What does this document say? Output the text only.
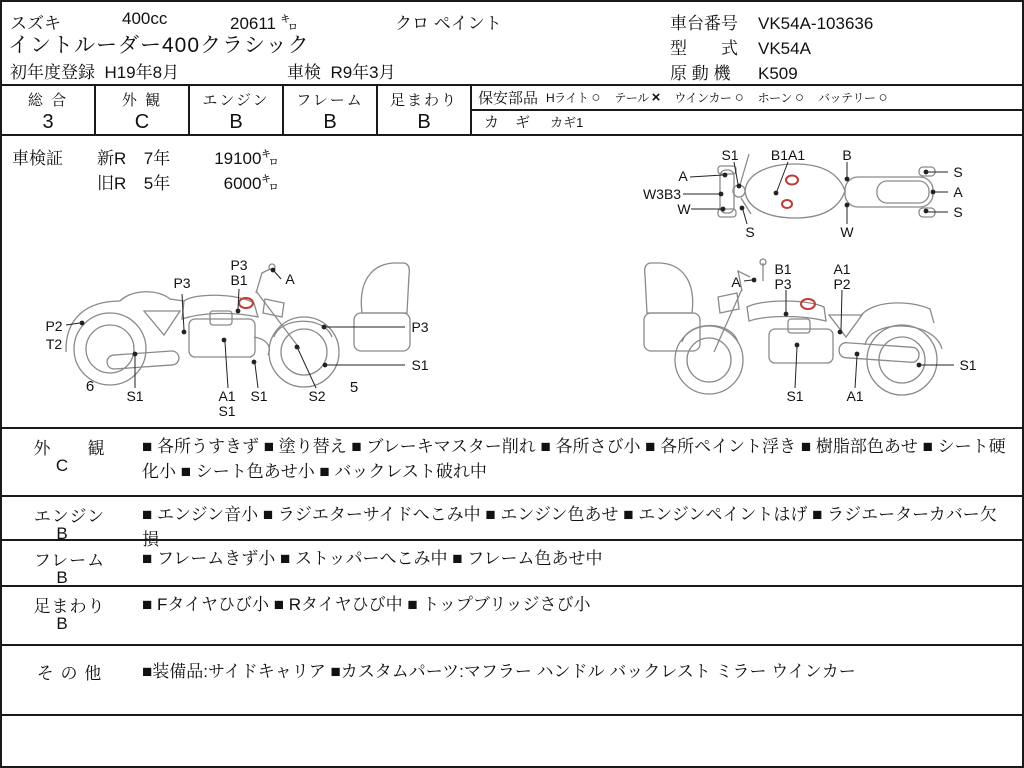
スズキ	400cc	20611 ㌔	クロ ペイント
イントルーダー400クラシック
初年度登録 H19年8月	車検 R9年3月
車台番号 VK54A-103636
型　　式 VK54A
原 動 機 K509
総 合
3
外 観
C
エンジン
B
フレーム
B
足まわり
B
保安部品 Hライト ○ テール × ウインカー ○ ホーン ○ バッテリー ○
カ ギ カギ1
車検証 新R 7年	19100㌔
旧R 5年	6000㌔
S1 B1A1	B
A
W3B3
W
S
S
A
S
W
P3
P3
B1	A
P2
T2
6
S1	A1
S1
S1	S2 5
P3
S1
A
B1
P3
A1
P2
S1	A1
S1
外　　観
C
■ 各所うすきず ■ 塗り替え ■ ブレーキマスター削れ ■ 各所さび小 ■ 各所ペイント浮き ■ 樹脂部色あせ ■ シート硬化小 ■ シート色あせ小 ■ バックレスト破れ中
エンジン
B
■ エンジン音小 ■ ラジエターサイドへこみ中 ■ エンジン色あせ ■ エンジンペイントはげ ■ ラジエーターカバー欠損
フレーム
B
■ フレームきず小 ■ ストッパーへこみ中 ■ フレーム色あせ中
足まわり
B
■ Fタイヤひび小 ■ Rタイヤひび中 ■ トップブリッジさび小
そ の 他	■装備品:サイドキャリア ■カスタムパーツ:マフラー ハンドル バックレスト ミラー ウインカー
